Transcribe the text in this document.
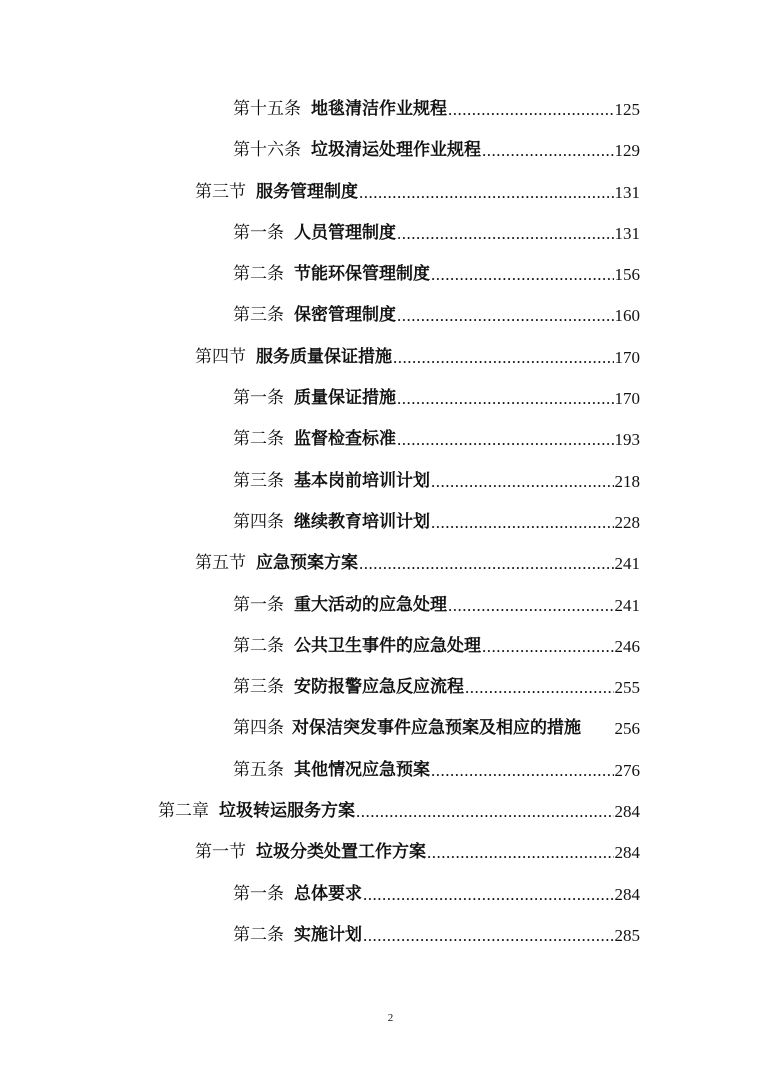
第十五条 地毯清洁作业规程 .....	125
第十六条 垃圾清运处理作业规程 .....	129
第三节 服务管理制度 .....	131
第一条 人员管理制度 .....	131
第二条 节能环保管理制度 .....	156
第三条 保密管理制度 .....	160
第四节 服务质量保证措施 .....	170
第一条 质量保证措施 .....	170
第二条 监督检查标准 .....	193
第三条 基本岗前培训计划 .....	218
第四条 继续教育培训计划 .....	228
第五节 应急预案方案 .....	241
第一条 重大活动的应急处理 .....	241
第二条 公共卫生事件的应急处理 .....	246
第三条 安防报警应急反应流程 .....	255
第四条 对保洁突发事件应急预案及相应的措施 256
第五条 其他情况应急预案 .....	276
第二章 垃圾转运服务方案 .....	284
第一节 垃圾分类处置工作方案 .....	284
第一条 总体要求 .....	284
第二条 实施计划 .....	285
2
